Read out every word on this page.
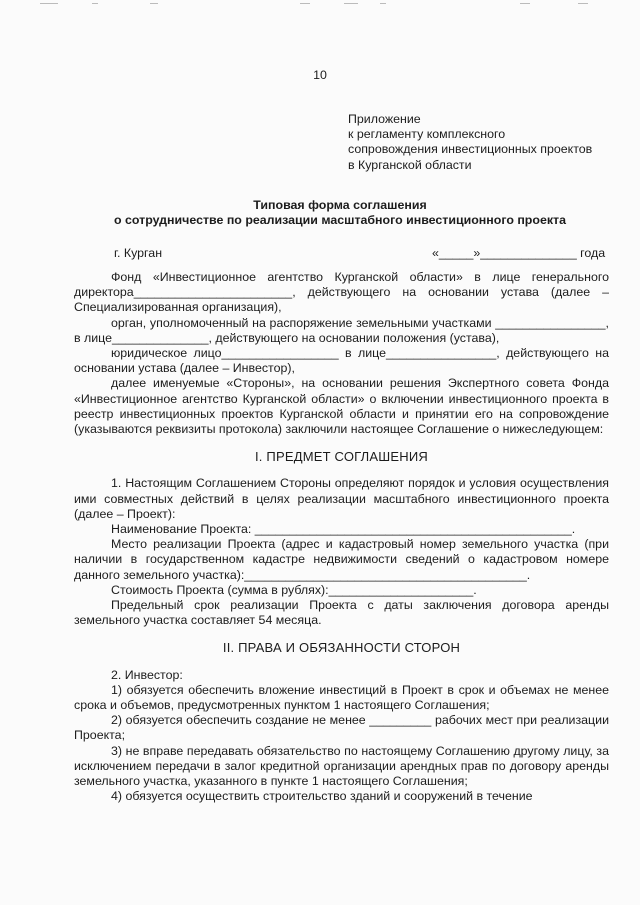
10
Приложение
к регламенту комплексного
сопровождения инвестиционных проектов
в Курганской области
Типовая форма соглашения
о сотрудничестве по реализации масштабного инвестиционного проекта
г. Курган	«_____»______________ года

Фонд «Инвестиционное агентство Курганской области» в лице генерального директора_______________________, действующего на основании устава (далее – Специализированная организация),

орган, уполномоченный на распоряжение земельными участками ________________, в лице______________, действующего на основании положения (устава),

юридическое лицо_________________ в лице________________, действующего на основании устава (далее – Инвестор),

далее именуемые «Стороны», на основании решения Экспертного совета Фонда «Инвестиционное агентство Курганской области» о включении инвестиционного проекта в реестр инвестиционных проектов Курганской области и принятии его на сопровождение (указываются реквизиты протокола) заключили настоящее Соглашение о нижеследующем:

I. ПРЕДМЕТ СОГЛАШЕНИЯ

1. Настоящим Соглашением Стороны определяют порядок и условия осуществления ими совместных действий в целях реализации масштабного инвестиционного проекта (далее – Проект):

Наименование Проекта: ______________________________________________.

Место реализации Проекта (адрес и кадастровый номер земельного участка (при наличии в государственном кадастре недвижимости сведений о кадастровом номере данного земельного участка):_________________________________________.

Стоимость Проекта (сумма в рублях):_____________________.

Предельный срок реализации Проекта с даты заключения договора аренды земельного участка составляет 54 месяца.

II. ПРАВА И ОБЯЗАННОСТИ СТОРОН

2. Инвестор:

1) обязуется обеспечить вложение инвестиций в Проект в срок и объемах не менее срока и объемов, предусмотренных пунктом 1 настоящего Соглашения;

2) обязуется обеспечить создание не менее _________ рабочих мест при реализации Проекта;

3) не вправе передавать обязательство по настоящему Соглашению другому лицу, за исключением передачи в залог кредитной организации арендных прав по договору аренды земельного участка, указанного в пункте 1 настоящего Соглашения;

4) обязуется осуществить строительство зданий и сооружений в течение
